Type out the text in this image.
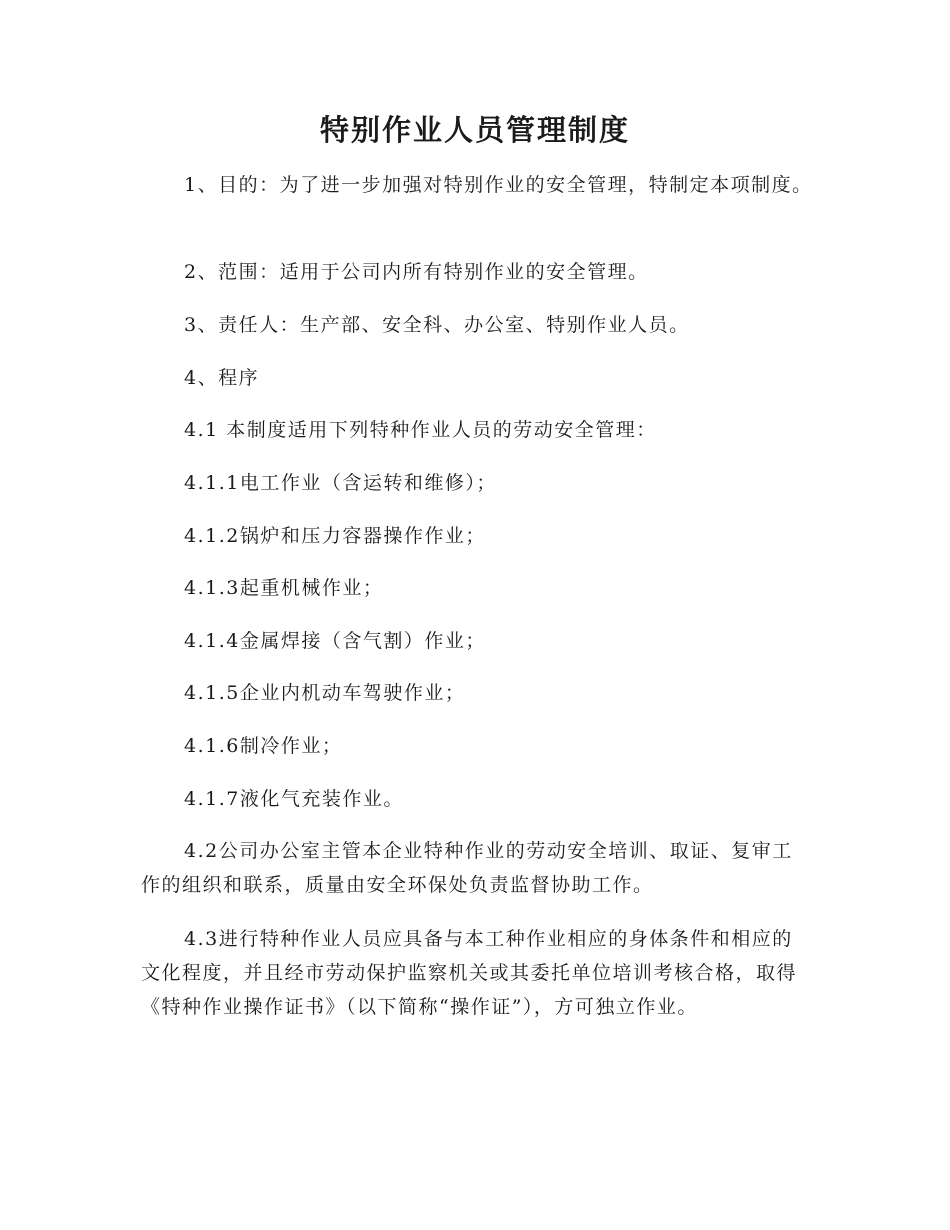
特别作业人员管理制度

1、目的：为了进一步加强对特别作业的安全管理，特制定本项制度。

2、范围：适用于公司内所有特别作业的安全管理。

3、责任人：生产部、安全科、办公室、特别作业人员。

4、程序

4.1 本制度适用下列特种作业人员的劳动安全管理：

4.1.1电工作业（含运转和维修）；

4.1.2锅炉和压力容器操作作业；

4.1.3起重机械作业；

4.1.4金属焊接（含气割）作业；

4.1.5企业内机动车驾驶作业；

4.1.6制冷作业；

4.1.7液化气充装作业。

4.2公司办公室主管本企业特种作业的劳动安全培训、取证、复审工作的组织和联系，质量由安全环保处负责监督协助工作。

4.3进行特种作业人员应具备与本工种作业相应的身体条件和相应的文化程度，并且经市劳动保护监察机关或其委托单位培训考核合格，取得《特种作业操作证书》（以下简称“操作证”），方可独立作业。
